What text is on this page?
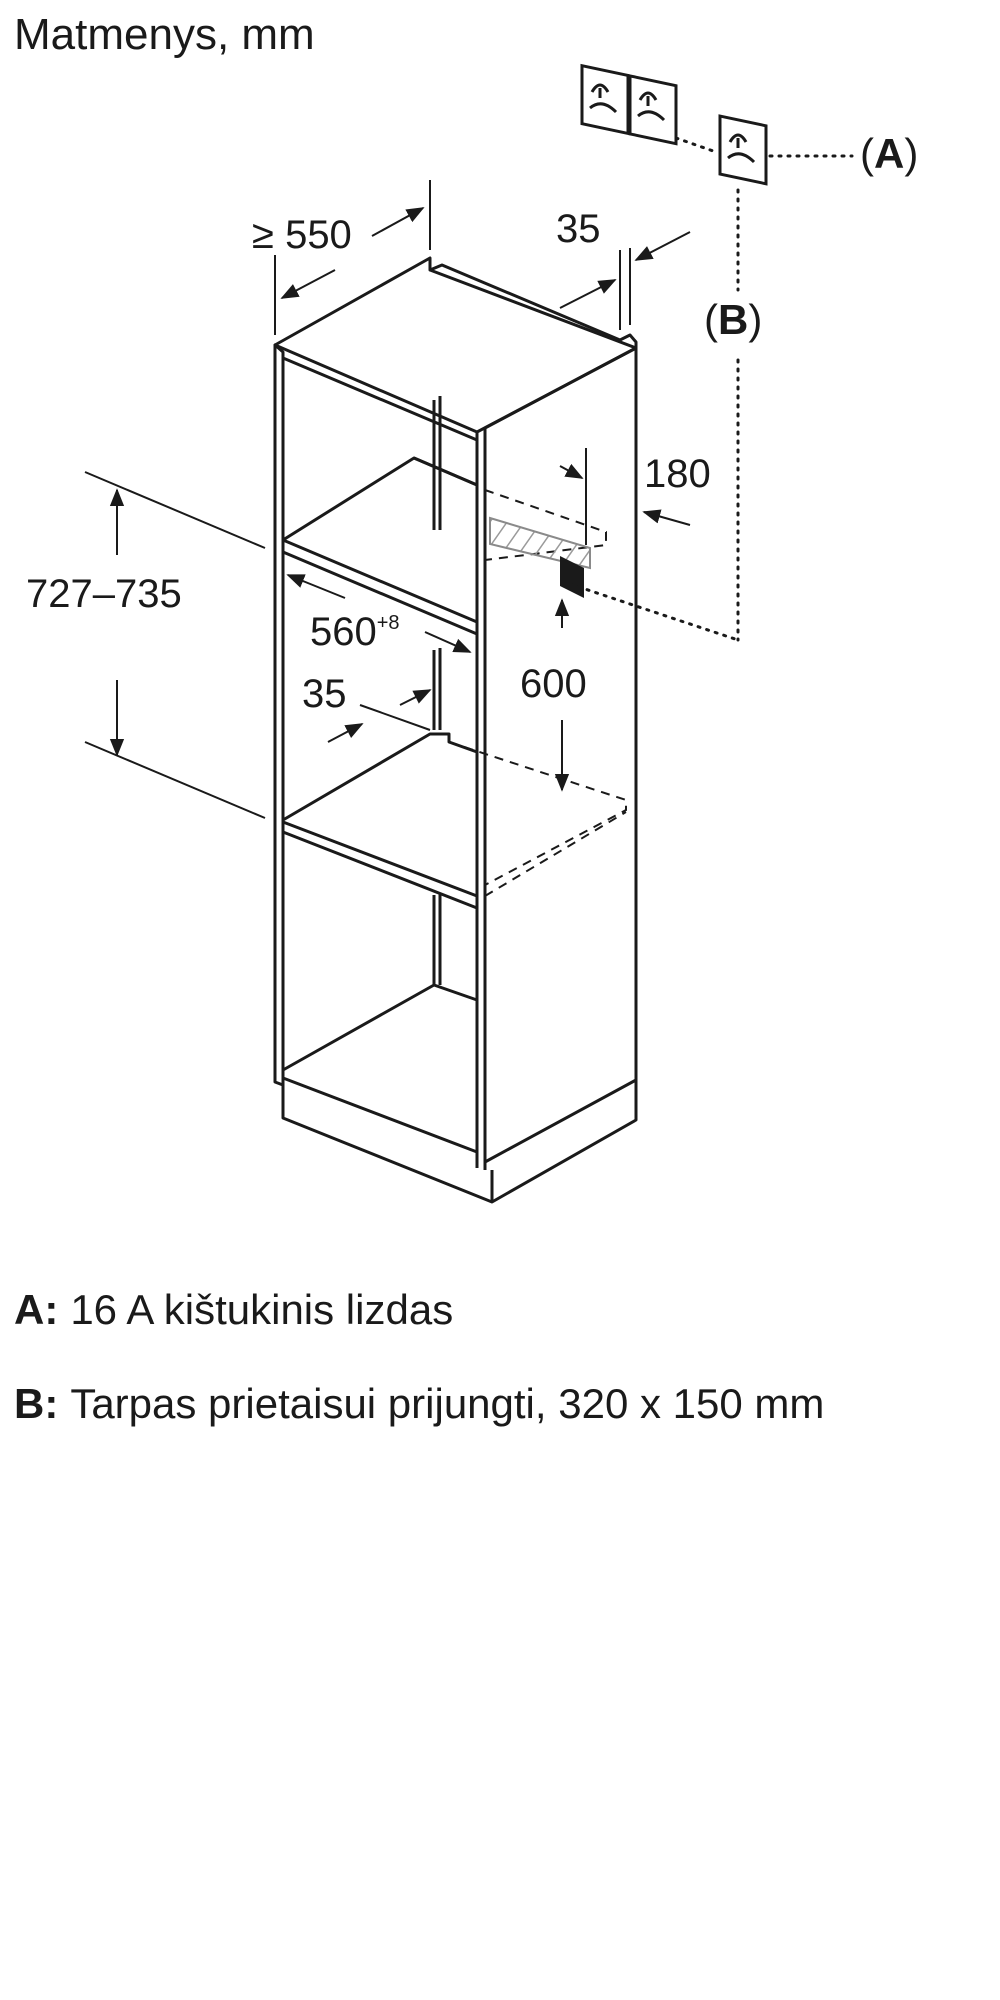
Matmenys, mm
≥ 550	35
180
727–735
$560^{+8}$
35	600
(A)
(B)
A: 16 A kištukinis lizdas
B: Tarpas prietaisui prijungti, 320 x 150 mm
